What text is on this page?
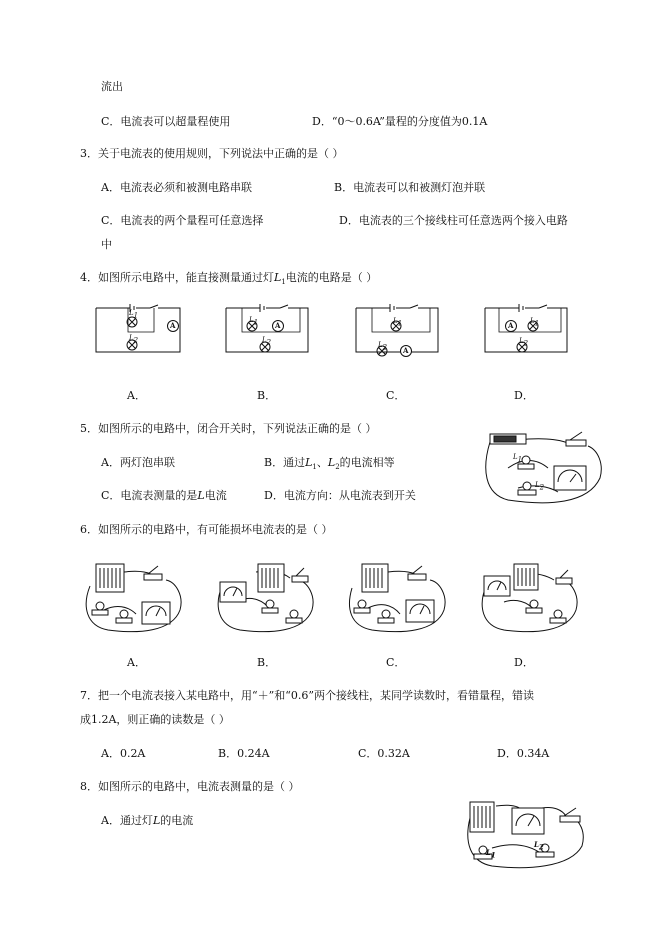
流出
C．电流表可以超量程使用	D．“0～0.6A”量程的分度值为0.1A
3．关于电流表的使用规则，下列说法中正确的是（ ）
A．电流表必须和被测电路串联	B．电流表可以和被测灯泡并联
C．电流表的两个量程可任意选择	D．电流表的三个接线柱可任意选两个接入电路
中
4．如图所示电路中，能直接测量通过灯$L_1$电流的电路是（ ）
L1
L2
A
L1
L2
A	L1
L2 A
A L1
L2
A．	B．	C．	D．
5．如图所示的电路中，闭合开关时，下列说法正确的是（ ）
A．两灯泡串联	B．通过$L_1$、$L_2$的电流相等
C．电流表测量的是L电流	D．电流方向：从电流表到开关
L1
L2
6．如图所示的电路中，有可能损坏电流表的是（ ）
A．	B．	C．	D．
7．把一个电流表接入某电路中，用“＋”和“0.6”两个接线柱，某同学读数时，看错量程，错读
成1.2A，则正确的读数是（ ）
A．0.2A	B．0.24A	C．0.32A	D．0.34A
8．如图所示的电路中，电流表测量的是（ ）
A．通过灯L的电流
L1
L2
